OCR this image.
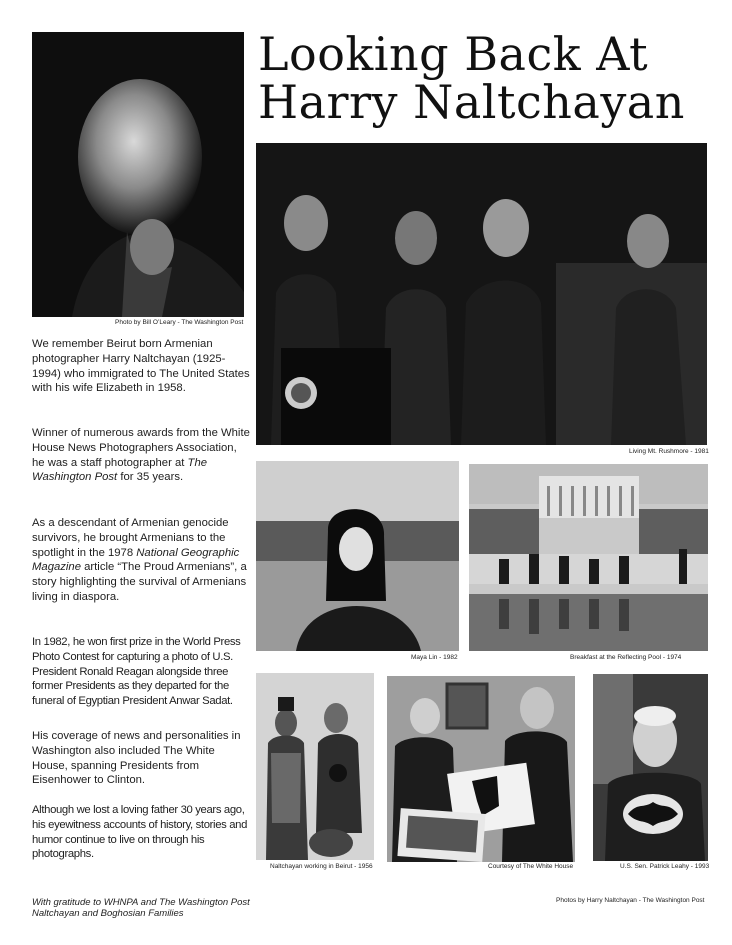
Looking Back At
Harry Naltchayan
Photo by Bill O’Leary - The Washington Post
Living Mt. Rushmore - 1981
Maya Lin - 1982	Breakfast at the Reflecting Pool - 1974
Naltchayan working in Beirut - 1956	Courtesy of The White House	U.S. Sen. Patrick Leahy - 1993
Photos by Harry Naltchayan - The Washington Post
We remember Beirut born Armenian photographer Harry Naltchayan (1925-1994) who immigrated to The United States with his wife Elizabeth in 1958.
Winner of numerous awards from the White House News Photographers Association, he was a staff photographer at The Washington Post for 35 years.
As a descendant of Armenian genocide survivors, he brought Armenians to the spotlight in the 1978 National Geographic Magazine article “The Proud Armenians”, a story highlighting the survival of Armenians living in diaspora.
In 1982, he won first prize in the World Press Photo Contest for capturing a photo of U.S. President Ronald Reagan alongside three former Presidents as they departed for the funeral of Egyptian President Anwar Sadat.
His coverage of news and personalities in Washington also included The White House, spanning Presidents from Eisenhower to Clinton.
Although we lost a loving father 30 years ago, his eyewitness accounts of history, stories and humor continue to live on through his photographs.
With gratitude to WHNPA and The Washington Post
Naltchayan and Boghosian Families
